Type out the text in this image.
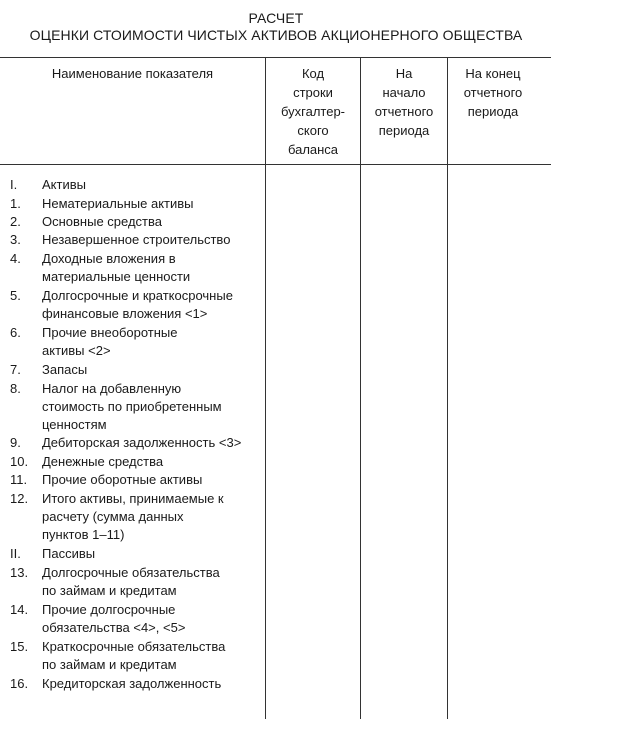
РАСЧЕТ
ОЦЕНКИ СТОИМОСТИ ЧИСТЫХ АКТИВОВ АКЦИОНЕРНОГО ОБЩЕСТВА
Наименование показателя	Код
строки
бухгалтер-
ского
баланса
На
начало
отчетного
периода
На конец
отчетного
периода
I. Активы
1. Нематериальные активы
2. Основные средства
3. Незавершенное строительство
4. Доходные вложения в
материальные ценности
5. Долгосрочные и краткосрочные
финансовые вложения <1>
6. Прочие внеоборотные
активы <2>
7. Запасы
8. Налог на добавленную
стоимость по приобретенным
ценностям
9. Дебиторская задолженность <3>
10. Денежные средства
11. Прочие оборотные активы
12. Итого активы, принимаемые к
расчету (сумма данных
пунктов 1–11)
II. Пассивы
13. Долгосрочные обязательства
по займам и кредитам
14. Прочие долгосрочные
обязательства <4>, <5>
15. Краткосрочные обязательства
по займам и кредитам
16. Кредиторская задолженность
